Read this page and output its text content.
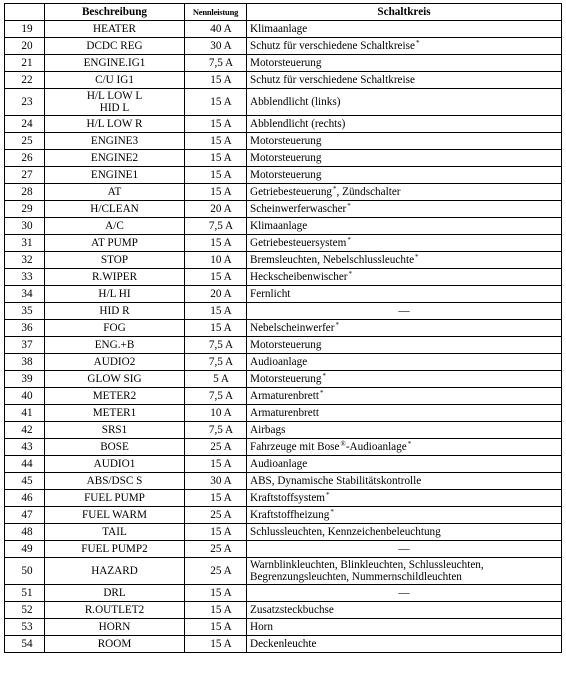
	Beschreibung	Nennleistung	Schaltkreis
19	HEATER	40 A	Klimaanlage
20	DCDC REG	30 A	Schutz für verschiedene Schaltkreise*
21	ENGINE.IG1	7,5 A	Motorsteuerung
22	C/U IG1	15 A	Schutz für verschiedene Schaltkreise
23	H/L LOW L
HID L	15 A	Abblendlicht (links)
24	H/L LOW R	15 A	Abblendlicht (rechts)
25	ENGINE3	15 A	Motorsteuerung
26	ENGINE2	15 A	Motorsteuerung
27	ENGINE1	15 A	Motorsteuerung
28	AT	15 A	Getriebesteuerung*, Zündschalter
29	H/CLEAN	20 A	Scheinwerferwascher*
30	A/C	7,5 A	Klimaanlage
31	AT PUMP	15 A	Getriebesteuersystem*
32	STOP	10 A	Bremsleuchten, Nebelschlussleuchte*
33	R.WIPER	15 A	Heckscheibenwischer*
34	H/L HI	20 A	Fernlicht
35	HID R	15 A	—
36	FOG	15 A	Nebelscheinwerfer*
37	ENG.+B	7,5 A	Motorsteuerung
38	AUDIO2	7,5 A	Audioanlage
39	GLOW SIG	5 A	Motorsteuerung*
40	METER2	7,5 A	Armaturenbrett*
41	METER1	10 A	Armaturenbrett
42	SRS1	7,5 A	Airbags
43	BOSE	25 A	Fahrzeuge mit Bose®-Audioanlage*
44	AUDIO1	15 A	Audioanlage
45	ABS/DSC S	30 A	ABS, Dynamische Stabilitätskontrolle
46	FUEL PUMP	15 A	Kraftstoffsystem*
47	FUEL WARM	25 A	Kraftstoffheizung*
48	TAIL	15 A	Schlussleuchten, Kennzeichenbeleuchtung
49	FUEL PUMP2	25 A	—
50	HAZARD	25 A	Warnblinkleuchten, Blinkleuchten, Schlussleuchten,
Begrenzungsleuchten, Nummernschildleuchten
51	DRL	15 A	—
52	R.OUTLET2	15 A	Zusatzsteckbuchse
53	HORN	15 A	Horn
54	ROOM	15 A	Deckenleuchte
